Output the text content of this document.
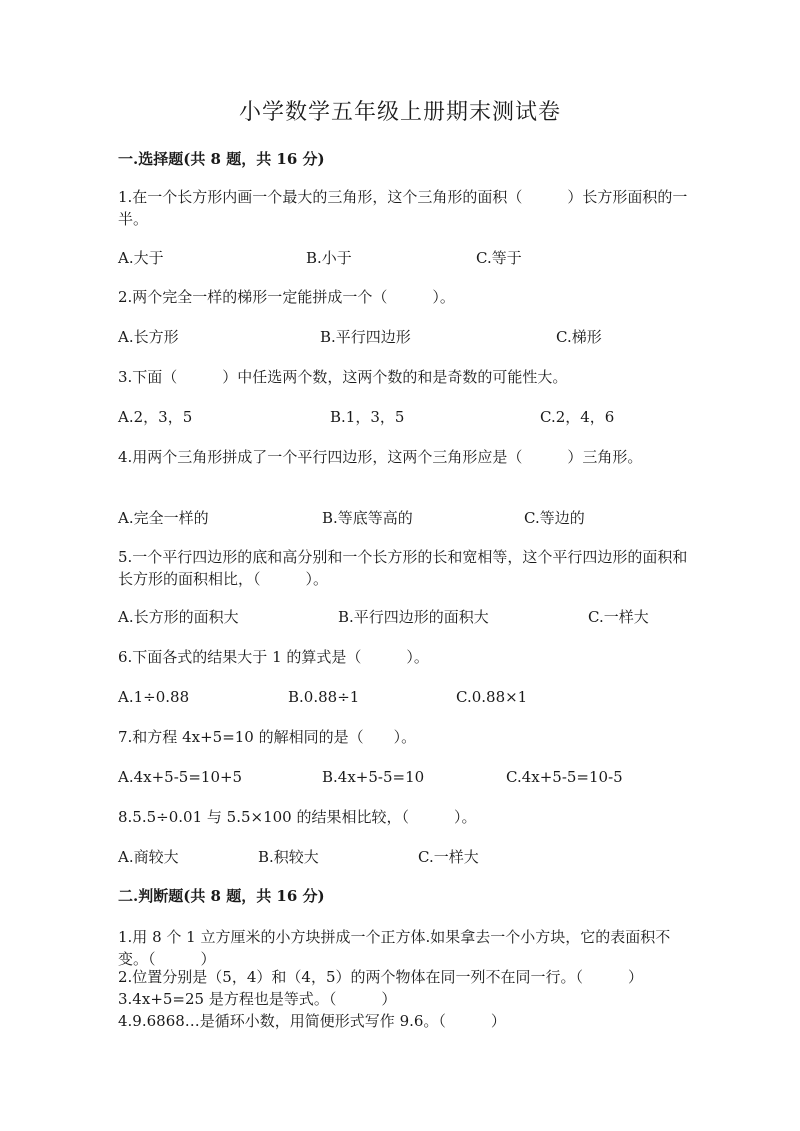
小学数学五年级上册期末测试卷
一.选择题(共 8 题，共 16 分)
1.在一个长方形内画一个最大的三角形，这个三角形的面积（　　　）长方形面积的一半。
A.大于	B.小于	C.等于
2.两个完全一样的梯形一定能拼成一个（　　　）。
A.长方形	B.平行四边形	C.梯形
3.下面（　　　）中任选两个数，这两个数的和是奇数的可能性大。
A.2，3，5	B.1，3，5	C.2，4，6
4.用两个三角形拼成了一个平行四边形，这两个三角形应是（　　　）三角形。
A.完全一样的	B.等底等高的	C.等边的
5.一个平行四边形的底和高分别和一个长方形的长和宽相等，这个平行四边形的面积和长方形的面积相比，（　　　）。
A.长方形的面积大	B.平行四边形的面积大	C.一样大
6.下面各式的结果大于 1 的算式是（　　　）。
A.1÷0.88	B.0.88÷1	C.0.88×1
7.和方程 4x+5=10 的解相同的是（　　）。
A.4x+5-5=10+5	B.4x+5-5=10	C.4x+5-5=10-5
8.5.5÷0.01 与 5.5×100 的结果相比较，（　　　）。
A.商较大	B.积较大	C.一样大
二.判断题(共 8 题，共 16 分)
1.用 8 个 1 立方厘米的小方块拼成一个正方体.如果拿去一个小方块，它的表面积不变。（　　　）
2.位置分别是（5，4）和（4，5）的两个物体在同一列不在同一行。（　　　）
3.4x+5=25 是方程也是等式。（　　　）
4.9.6868…是循环小数，用简便形式写作 9.6。（　　　）
